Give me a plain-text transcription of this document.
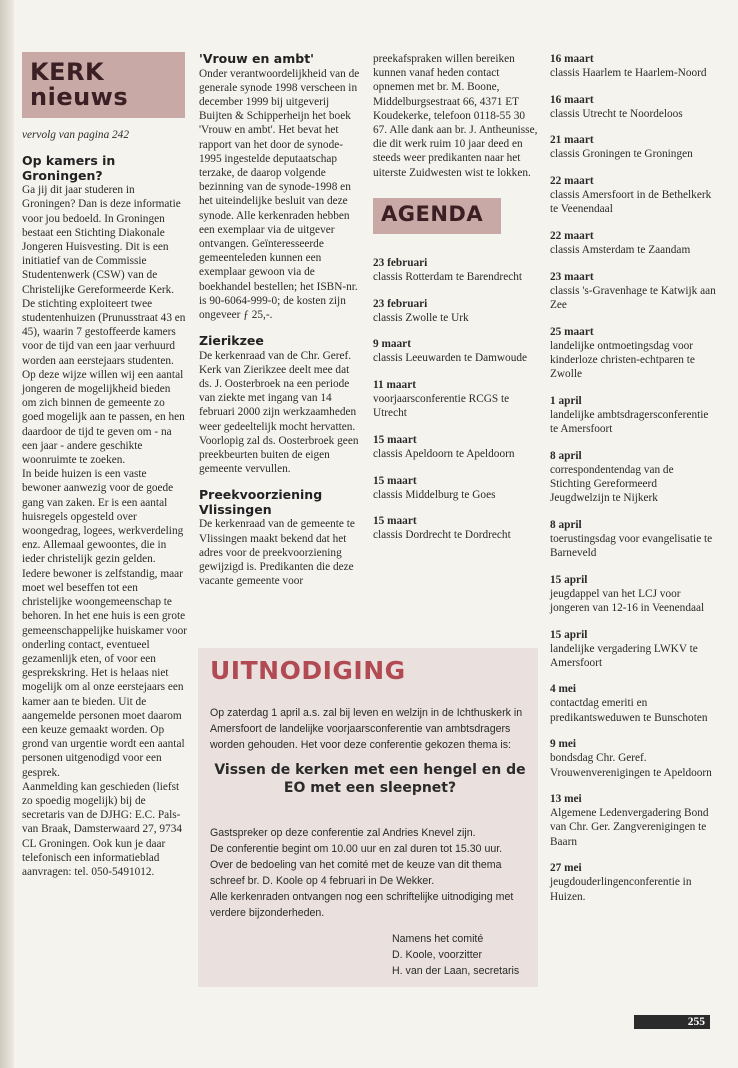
KERK
nieuws

vervolg van pagina 242

Op kamers in Groningen?

Ga jij dit jaar studeren in Groningen? Dan is deze informatie voor jou bedoeld. In Groningen bestaat een Stichting Diakonale Jongeren Huisvesting. Dit is een initiatief van de Commissie Studentenwerk (CSW) van de Christelijke Gereformeerde Kerk.

De stichting exploiteert twee studentenhuizen (Prunusstraat 43 en 45), waarin 7 gestoffeerde kamers voor de tijd van een jaar verhuurd worden aan eerstejaars studenten.

Op deze wijze willen wij een aantal jongeren de mogelijkheid bieden om zich binnen de gemeente zo goed mogelijk aan te passen, en hen daardoor de tijd te geven om - na een jaar - andere geschikte woonruimte te zoeken.

In beide huizen is een vaste bewoner aanwezig voor de goede gang van zaken. Er is een aantal huisregels opgesteld over woongedrag, logees, werkverdeling enz. Allemaal gewoontes, die in ieder christelijk gezin gelden.

Iedere bewoner is zelfstandig, maar moet wel beseffen tot een christelijke woongemeenschap te behoren. In het ene huis is een grote gemeenschappelijke huiskamer voor onderling contact, eventueel gezamenlijk eten, of voor een gesprekskring. Het is helaas niet mogelijk om al onze eerstejaars een kamer aan te bieden. Uit de aangemelde personen moet daarom een keuze gemaakt worden. Op grond van urgentie wordt een aantal personen uitgenodigd voor een gesprek.

Aanmelding kan geschieden (liefst zo spoedig mogelijk) bij de secretaris van de DJHG: E.C. Pals-van Braak, Damsterwaard 27, 9734 CL Groningen. Ook kun je daar telefonisch een informatieblad aanvragen: tel. 050-5491012.

'Vrouw en ambt'

Onder verantwoordelijkheid van de generale synode 1998 verscheen in december 1999 bij uitgeverij Buijten & Schipperheijn het boek 'Vrouw en ambt'. Het bevat het rapport van het door de synode-1995 ingestelde deputaatschap terzake, de daarop volgende bezinning van de synode-1998 en het uiteindelijke besluit van deze synode. Alle kerkenraden hebben een exemplaar via de uitgever ontvangen. Geïnteresseerde gemeenteleden kunnen een exemplaar gewoon via de boekhandel bestellen; het ISBN-nr. is 90-6064-999-0; de kosten zijn ongeveer ƒ 25,-.

Zierikzee

De kerkenraad van de Chr. Geref. Kerk van Zierikzee deelt mee dat ds. J. Oosterbroek na een periode van ziekte met ingang van 14 februari 2000 zijn werkzaamheden weer gedeeltelijk mocht hervatten. Voorlopig zal ds. Oosterbroek geen preekbeurten buiten de eigen gemeente vervullen.

Preekvoorziening Vlissingen

De kerkenraad van de gemeente te Vlissingen maakt bekend dat het adres voor de preekvoorziening gewijzigd is. Predikanten die deze vacante gemeente voor

preekafspraken willen bereiken kunnen vanaf heden contact opnemen met br. M. Boone, Middelburgsestraat 66, 4371 ET Koudekerke, telefoon 0118-55 30 67. Alle dank aan br. J. Antheunisse, die dit werk ruim 10 jaar deed en steeds weer predikanten naar het uiterste Zuidwesten wist te lokken.

AGENDA
23 februari
classis Rotterdam te Barendrecht
23 februari
classis Zwolle te Urk
9 maart
classis Leeuwarden te Damwoude
11 maart
voorjaarsconferentie RCGS te Utrecht
15 maart
classis Apeldoorn te Apeldoorn
15 maart
classis Middelburg te Goes
15 maart
classis Dordrecht te Dordrecht
16 maart
classis Haarlem te Haarlem-Noord
16 maart
classis Utrecht te Noordeloos
21 maart
classis Groningen te Groningen
22 maart
classis Amersfoort in de Bethelkerk te Veenendaal
22 maart
classis Amsterdam te Zaandam
23 maart
classis 's-Gravenhage te Katwijk aan Zee
25 maart
landelijke ontmoetingsdag voor kinderloze christen-echtparen te Zwolle
1 april
landelijke ambtsdragersconferentie te Amersfoort
8 april
correspondentendag van de Stichting Gereformeerd Jeugdwelzijn te Nijkerk
8 april
toerustingsdag voor evangelisatie te Barneveld
15 april
jeugdappel van het LCJ voor jongeren van 12-16 in Veenendaal
15 april
landelijke vergadering LWKV te Amersfoort
4 mei
contactdag emeriti en predikantsweduwen te Bunschoten
9 mei
bondsdag Chr. Geref. Vrouwenverenigingen te Apeldoorn
13 mei
Algemene Ledenvergadering Bond van Chr. Ger. Zangverenigingen te Baarn
27 mei
jeugdouderlingenconferentie in Huizen.
UITNODIGING

Op zaterdag 1 april a.s. zal bij leven en welzijn in de Ichthuskerk in Amersfoort de landelijke voorjaarsconferentie van ambtsdragers worden gehouden. Het voor deze conferentie gekozen thema is:

Vissen de kerken met een hengel en de EO met een sleepnet?

Gastspreker op deze conferentie zal Andries Knevel zijn.

De conferentie begint om 10.00 uur en zal duren tot 15.30 uur.

Over de bedoeling van het comité met de keuze van dit thema schreef br. D. Koole op 4 februari in De Wekker.

Alle kerkenraden ontvangen nog een schriftelijke uitnodiging met verdere bijzonderheden.

Namens het comité

D. Koole, voorzitter

H. van der Laan, secretaris

255
